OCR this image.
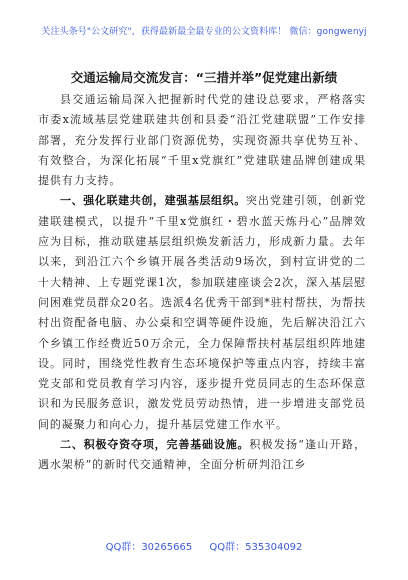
关注头条号"公文研究"，获得最新最全最专业的公文资料库！ 微信：gongwenyj
交通运输局交流发言：“三措并举”促党建出新绩

县交通运输局深入把握新时代党的建设总要求，严格落实市委x流域基层党建联建共创和县委“沿江党建联盟”工作安排部署，充分发挥行业部门资源优势，实现资源共享优势互补、有效整合，为深化拓展“千里x党旗红”党建联建品牌创建成果提供有力支持。

一、强化联建共创，建强基层组织。突出党建引领，创新党建联建模式，以提升“千里x党旗红・碧水蓝天炼丹心”品牌效应为目标，推动联建基层组织焕发新活力，形成新力量。去年以来，到沿江六个乡镇开展各类活动9场次，到村宣讲党的二十大精神、上专题党课1次，参加联建座谈会2次，深入基层慰问困难党员群众20名。选派4名优秀干部到*驻村帮扶，为帮扶村出资配备电脑、办公桌和空调等硬件设施，先后解决沿江六个乡镇工作经费近50万余元，全力保障帮扶村基层组织阵地建设。同时，围绕党性教育生态环境保护等重点内容，持续丰富党支部和党员教育学习内容，逐步提升党员同志的生态环保意识和为民服务意识，激发党员劳动热情，进一步增进支部党员间的凝聚力和向心力，提升基层党建工作水平。

二、积极夺资夺项，完善基础设施。积极发扬“逢山开路，遇水架桥”的新时代交通精神，全面分析研判沿江乡

QQ群：30265665 QQ群：535304092
